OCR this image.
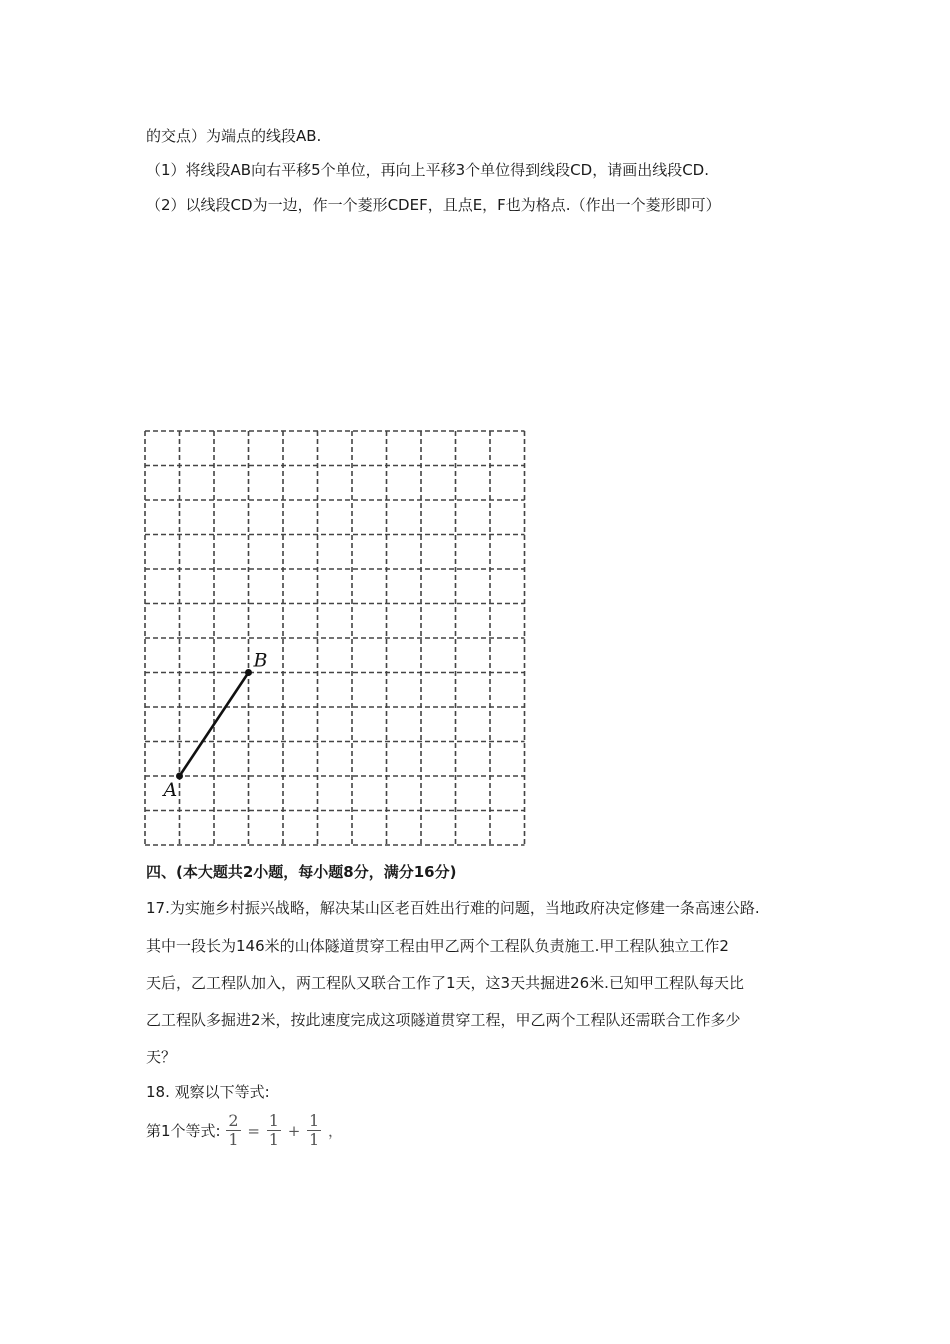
的交点）为端点的线段AB.
（1）将线段AB向右平移5个单位，再向上平移3个单位得到线段CD，请画出线段CD.
（2）以线段CD为一边，作一个菱形CDEF，且点E，F也为格点.（作出一个菱形即可）
A
B
四、(本大题共2小题，每小题8分，满分16分)
17.为实施乡村振兴战略，解决某山区老百姓出行难的问题，当地政府决定修建一条高速公路.
其中一段长为146米的山体隧道贯穿工程由甲乙两个工程队负责施工.甲工程队独立工作2
天后，乙工程队加入，两工程队又联合工作了1天，这3天共掘进26米.已知甲工程队每天比
乙工程队多掘进2米，按此速度完成这项隧道贯穿工程，甲乙两个工程队还需联合工作多少
天？
18. 观察以下等式:
第1个等式: $\frac{2}{1} = \frac{1}{1} + \frac{1}{1}$ ，
